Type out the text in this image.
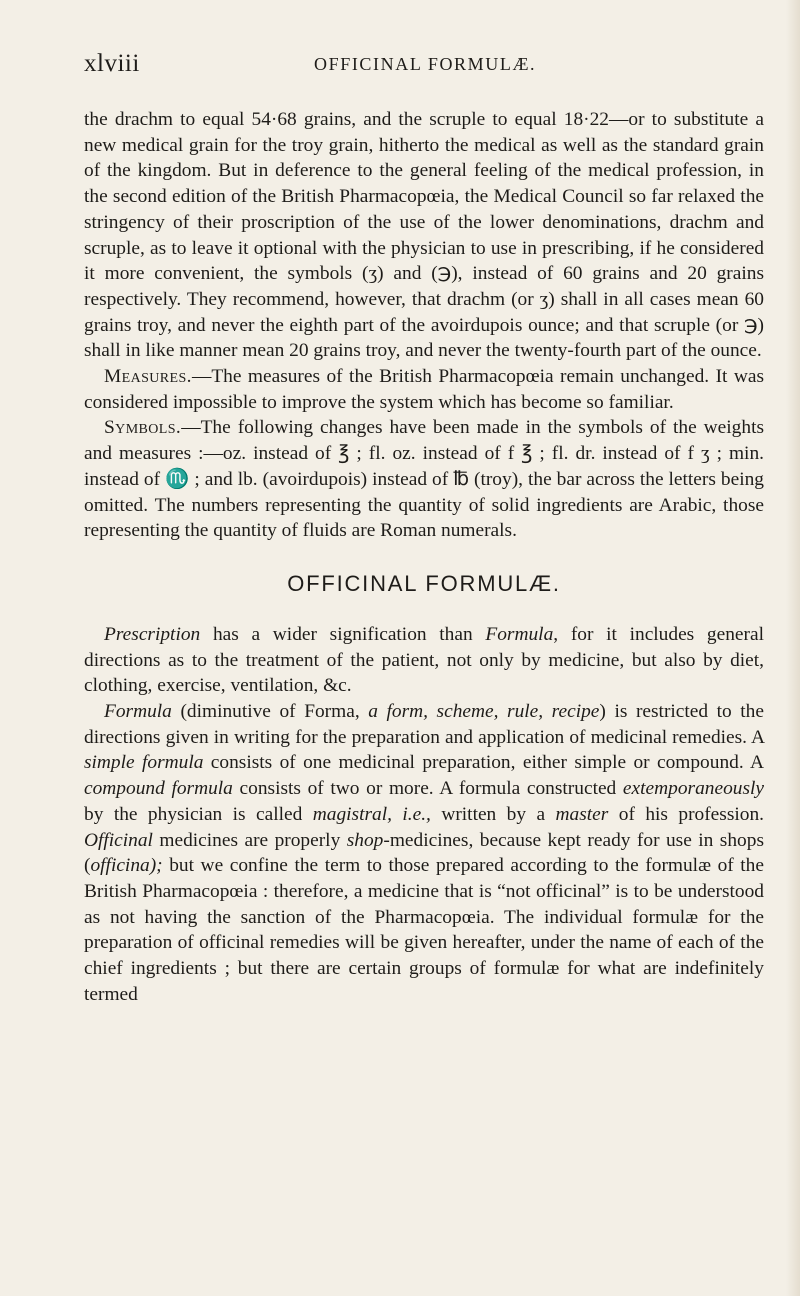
xlviii	OFFICINAL FORMULÆ.

the drachm to equal 54·68 grains, and the scruple to equal 18·22—or to substitute a new medical grain for the troy grain, hitherto the medical as well as the standard grain of the kingdom. But in deference to the general feeling of the medical profession, in the second edition of the British Pharmacopœia, the Medical Council so far relaxed the stringency of their proscription of the use of the lower denominations, drachm and scruple, as to leave it optional with the physician to use in prescribing, if he considered it more convenient, the symbols (ʒ) and (℈), instead of 60 grains and 20 grains respectively. They recommend, however, that drachm (or ʒ) shall in all cases mean 60 grains troy, and never the eighth part of the avoirdupois ounce; and that scruple (or ℈) shall in like manner mean 20 grains troy, and never the twenty-fourth part of the ounce.

Measures.—The measures of the British Pharmacopœia remain unchanged. It was considered impossible to improve the system which has become so familiar.

Symbols.—The following changes have been made in the symbols of the weights and measures :—oz. instead of ℥ ; fl. oz. instead of f ℥ ; fl. dr. instead of f ʒ ; min. instead of ♏ ; and lb. (avoirdupois) instead of ℔ (troy), the bar across the letters being omitted. The numbers representing the quantity of solid ingredients are Arabic, those representing the quantity of fluids are Roman numerals.

OFFICINAL FORMULÆ.

Prescription has a wider signification than Formula, for it includes general directions as to the treatment of the patient, not only by medicine, but also by diet, clothing, exercise, ventilation, &c.

Formula (diminutive of Forma, a form, scheme, rule, recipe) is restricted to the directions given in writing for the preparation and application of medicinal remedies. A simple formula consists of one medicinal preparation, either simple or compound. A compound formula consists of two or more. A formula constructed extemporaneously by the physician is called magistral, i.e., written by a master of his profession. Officinal medicines are properly shop-medicines, because kept ready for use in shops (officina); but we confine the term to those prepared according to the formulæ of the British Pharmacopœia : therefore, a medicine that is “not officinal” is to be understood as not having the sanction of the Pharmacopœia. The individual formulæ for the preparation of officinal remedies will be given hereafter, under the name of each of the chief ingredients ; but there are certain groups of formulæ for what are indefinitely termed
